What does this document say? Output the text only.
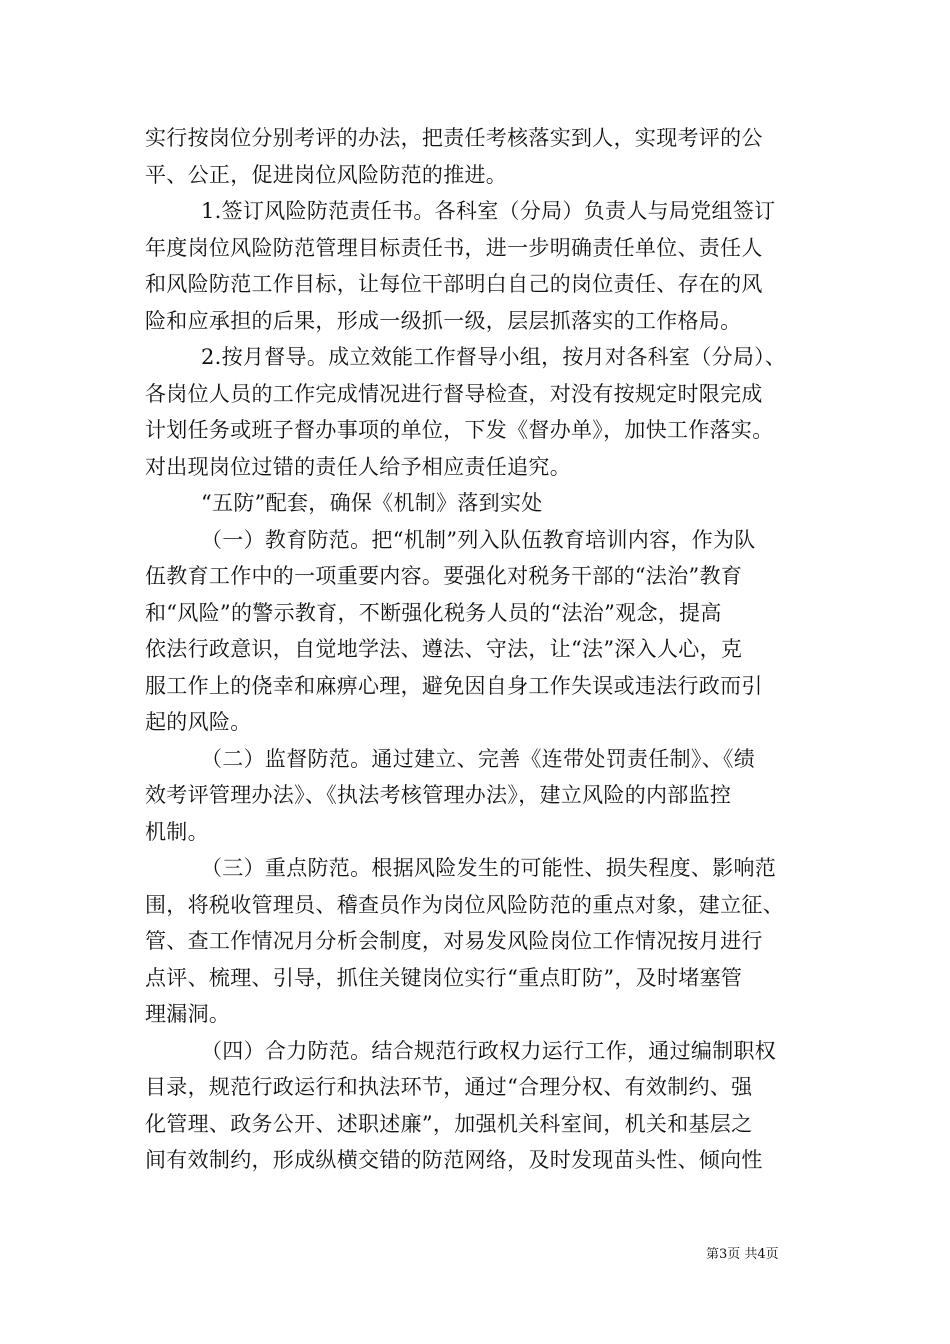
实行按岗位分别考评的办法，把责任考核落实到人，实现考评的公
平、公正，促进岗位风险防范的推进。
1.签订风险防范责任书。各科室（分局）负责人与局党组签订
年度岗位风险防范管理目标责任书，进一步明确责任单位、责任人
和风险防范工作目标，让每位干部明白自己的岗位责任、存在的风
险和应承担的后果，形成一级抓一级，层层抓落实的工作格局。
2.按月督导。成立效能工作督导小组，按月对各科室（分局）、
各岗位人员的工作完成情况进行督导检查，对没有按规定时限完成
计划任务或班子督办事项的单位，下发《督办单》，加快工作落实。
对出现岗位过错的责任人给予相应责任追究。
“五防”配套，确保《机制》落到实处
（一）教育防范。把“机制”列入队伍教育培训内容，作为队
伍教育工作中的一项重要内容。要强化对税务干部的“法治”教育
和“风险”的警示教育，不断强化税务人员的“法治”观念，提高
依法行政意识，自觉地学法、遵法、守法，让“法”深入人心，克
服工作上的侥幸和麻痹心理，避免因自身工作失误或违法行政而引
起的风险。
（二）监督防范。通过建立、完善《连带处罚责任制》、《绩
效考评管理办法》、《执法考核管理办法》，建立风险的内部监控
机制。
（三）重点防范。根据风险发生的可能性、损失程度、影响范
围，将税收管理员、稽查员作为岗位风险防范的重点对象，建立征、
管、查工作情况月分析会制度，对易发风险岗位工作情况按月进行
点评、梳理、引导，抓住关键岗位实行“重点盯防”，及时堵塞管
理漏洞。
（四）合力防范。结合规范行政权力运行工作，通过编制职权
目录，规范行政运行和执法环节，通过“合理分权、有效制约、强
化管理、政务公开、述职述廉”，加强机关科室间，机关和基层之
间有效制约，形成纵横交错的防范网络，及时发现苗头性、倾向性
第3页 共4页
